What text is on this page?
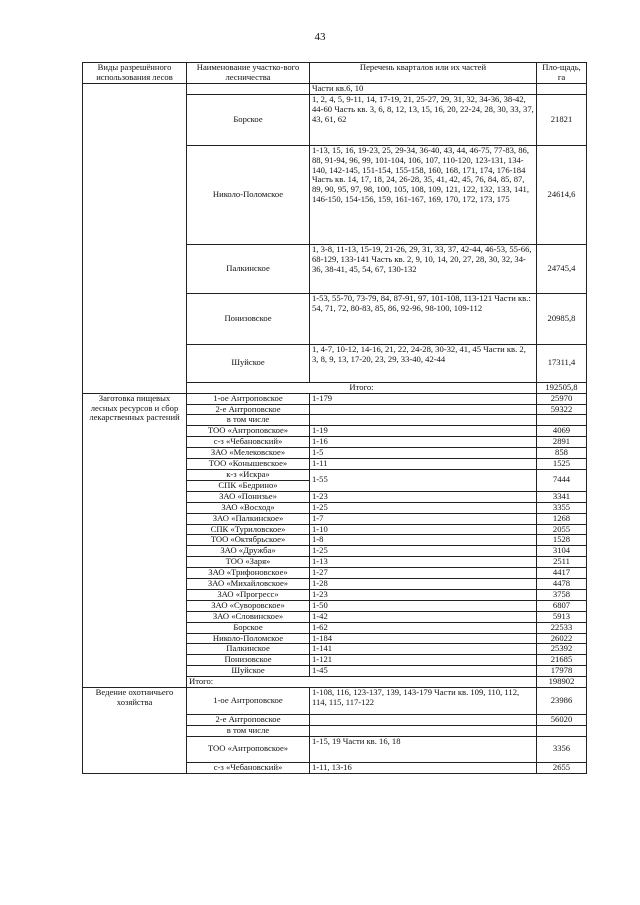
43
Виды разрешённого использования лесов	Наименование участко-вого лесничества	Перечень кварталов или их частей	Пло-щадь, га
		Части кв.6, 10	
	Борское	1, 2, 4, 5, 9-11, 14, 17-19, 21, 25-27, 29, 31, 32, 34-36, 38-42, 44-60 Часть кв. 3, 6, 8, 12, 13, 15, 16, 20, 22-24, 28, 30, 33, 37, 43, 61, 62	21821
	Николо-Поломское	1-13, 15, 16, 19-23, 25, 29-34, 36-40, 43, 44, 46-75, 77-83, 86, 88, 91-94, 96, 99, 101-104, 106, 107, 110-120, 123-131, 134-140, 142-145, 151-154, 155-158, 160, 168, 171, 174, 176-184 Часть кв. 14, 17, 18, 24, 26-28, 35, 41, 42, 45, 76, 84, 85, 87, 89, 90, 95, 97, 98, 100, 105, 108, 109, 121, 122, 132, 133, 141, 146-150, 154-156, 159, 161-167, 169, 170, 172, 173, 175	24614,6
	Палкинское	1, 3-8, 11-13, 15-19, 21-26, 29, 31, 33, 37, 42-44, 46-53, 55-66, 68-129, 133-141 Часть кв. 2, 9, 10, 14, 20, 27, 28, 30, 32, 34-36, 38-41, 45, 54, 67, 130-132	24745,4
	Понизовское	1-53, 55-70, 73-79, 84, 87-91, 97, 101-108, 113-121 Части кв.: 54, 71, 72, 80-83, 85, 86, 92-96, 98-100, 109-112	20985,8
	Шуйское	1, 4-7, 10-12, 14-16, 21, 22, 24-28, 30-32, 41, 45 Части кв. 2, 3, 8, 9, 13, 17-20, 23, 29, 33-40, 42-44	17311,4
	Итого:		192505,8
Заготовка пищевых лесных ресурсов и сбор лекарственных растений	1-ое Антроповское	1-179	25970
	2-е Антроповское		59322
	в том числе		
	ТОО «Антроповское»	1-19	4069
	с-з «Чебановский»	1-16	2891
	ЗАО «Мелековское»	1-5	858
	ТОО «Конышевское»	1-11	1525
	к-з «Искра»	1-55	7444
	СПК «Бедрино»		
	ЗАО «Понизье»	1-23	3341
	ЗАО «Восход»	1-25	3355
	ЗАО «Палкинское»	1-7	1268
	СПК «Туриловское»	1-10	2055
	ТОО «Октябрьское»	1-8	1528
	ЗАО «Дружба»	1-25	3104
	ТОО «Заря»	1-13	2511
	ЗАО «Трифоновское»	1-27	4417
	ЗАО «Михайловское»	1-28	4478
	ЗАО «Прогресс»	1-23	3758
	ЗАО «Суворовское»	1-50	6807
	ЗАО «Словинское»	1-42	5913
	Борское	1-62	22533
	Николо-Поломское	1-184	26022
	Палкинское	1-141	25392
	Понизовское	1-121	21685
	Шуйское	1-45	17978
	Итого:		198902
Ведение охотничьего хозяйства	1-ое Антроповское	1-108, 116, 123-137, 139, 143-179 Части кв. 109, 110, 112, 114, 115, 117-122	23986
	2-е Антроповское		56020
	в том числе		
	ТОО «Антроповское»	1-15, 19 Части кв. 16, 18	3356
	с-з «Чебановский»	1-11, 13-16	2655
